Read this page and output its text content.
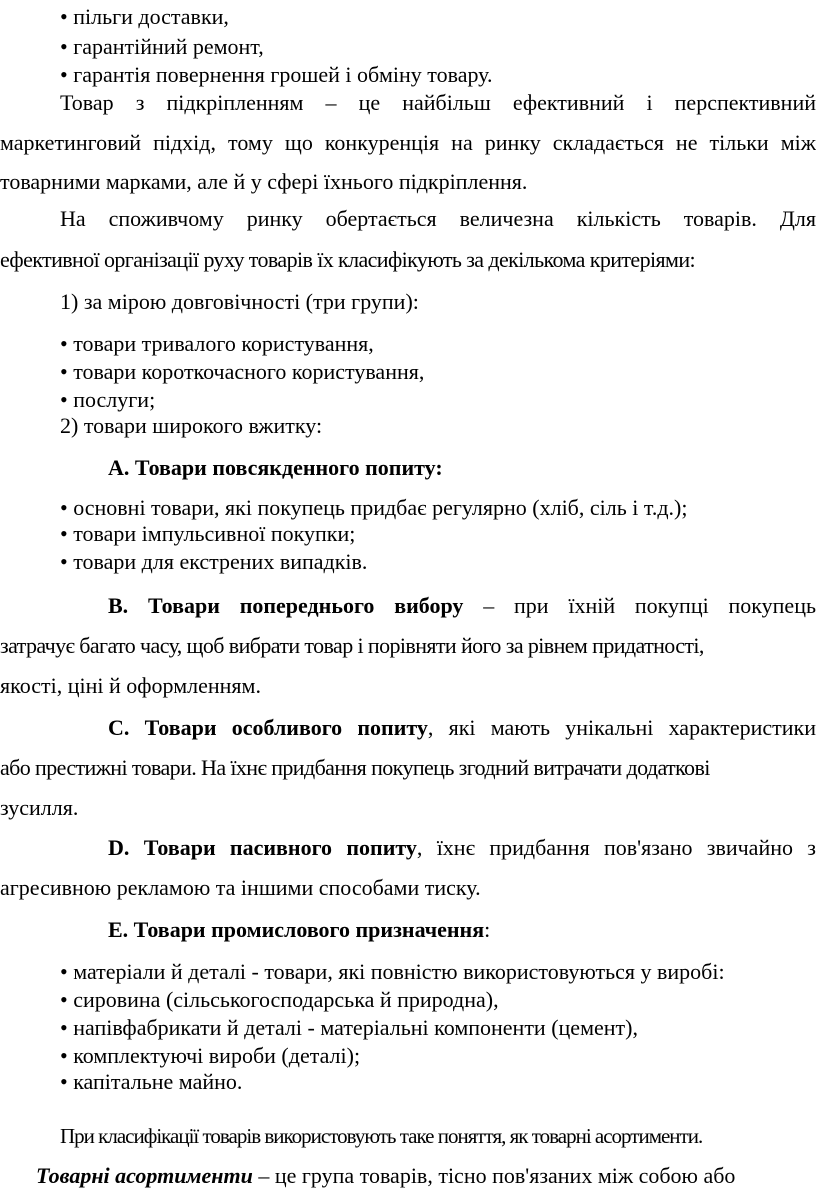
• пільги доставки,
• гарантійний ремонт,
• гарантія повернення грошей і обміну товару.
Товар з підкріпленням – це найбільш ефективний і перспективний
маркетинговий підхід, тому що конкуренція на ринку складається не тільки між
товарними марками, але й у сфері їхнього підкріплення.
На споживчому ринку обертається величезна кількість товарів. Для
ефективної організації руху товарів їх класифікують за декількома критеріями:
1) за мірою довговічності (три групи):
• товари тривалого користування,
• товари короткочасного користування,
• послуги;
2) товари широкого вжитку:
A. Товари повсякденного попиту:
• основні товари, які покупець придбає регулярно (хліб, сіль і т.д.);
• товари імпульсивної покупки;
• товари для екстрених випадків.
B. Товари попереднього вибору – при їхній покупці покупець
затрачує багато часу, щоб вибрати товар і порівняти його за рівнем придатності,
якості, ціні й оформленням.
C. Товари особливого попиту, які мають унікальні характеристики
або престижні товари. На їхнє придбання покупець згодний витрачати додаткові
зусилля.
D. Товари пасивного попиту, їхнє придбання пов'язано звичайно з
агресивною рекламою та іншими способами тиску.
E. Товари промислового призначення:
• матеріали й деталі - товари, які повністю використовуються у виробі:
• сировина (сільськогосподарська й природна),
• напівфабрикати й деталі - матеріальні компоненти (цемент),
• комплектуючі вироби (деталі);
• капітальне майно.
При класифікації товарів використовують таке поняття, як товарні асортименти.
Товарні асортименти – це група товарів, тісно пов'язаних між собою або
